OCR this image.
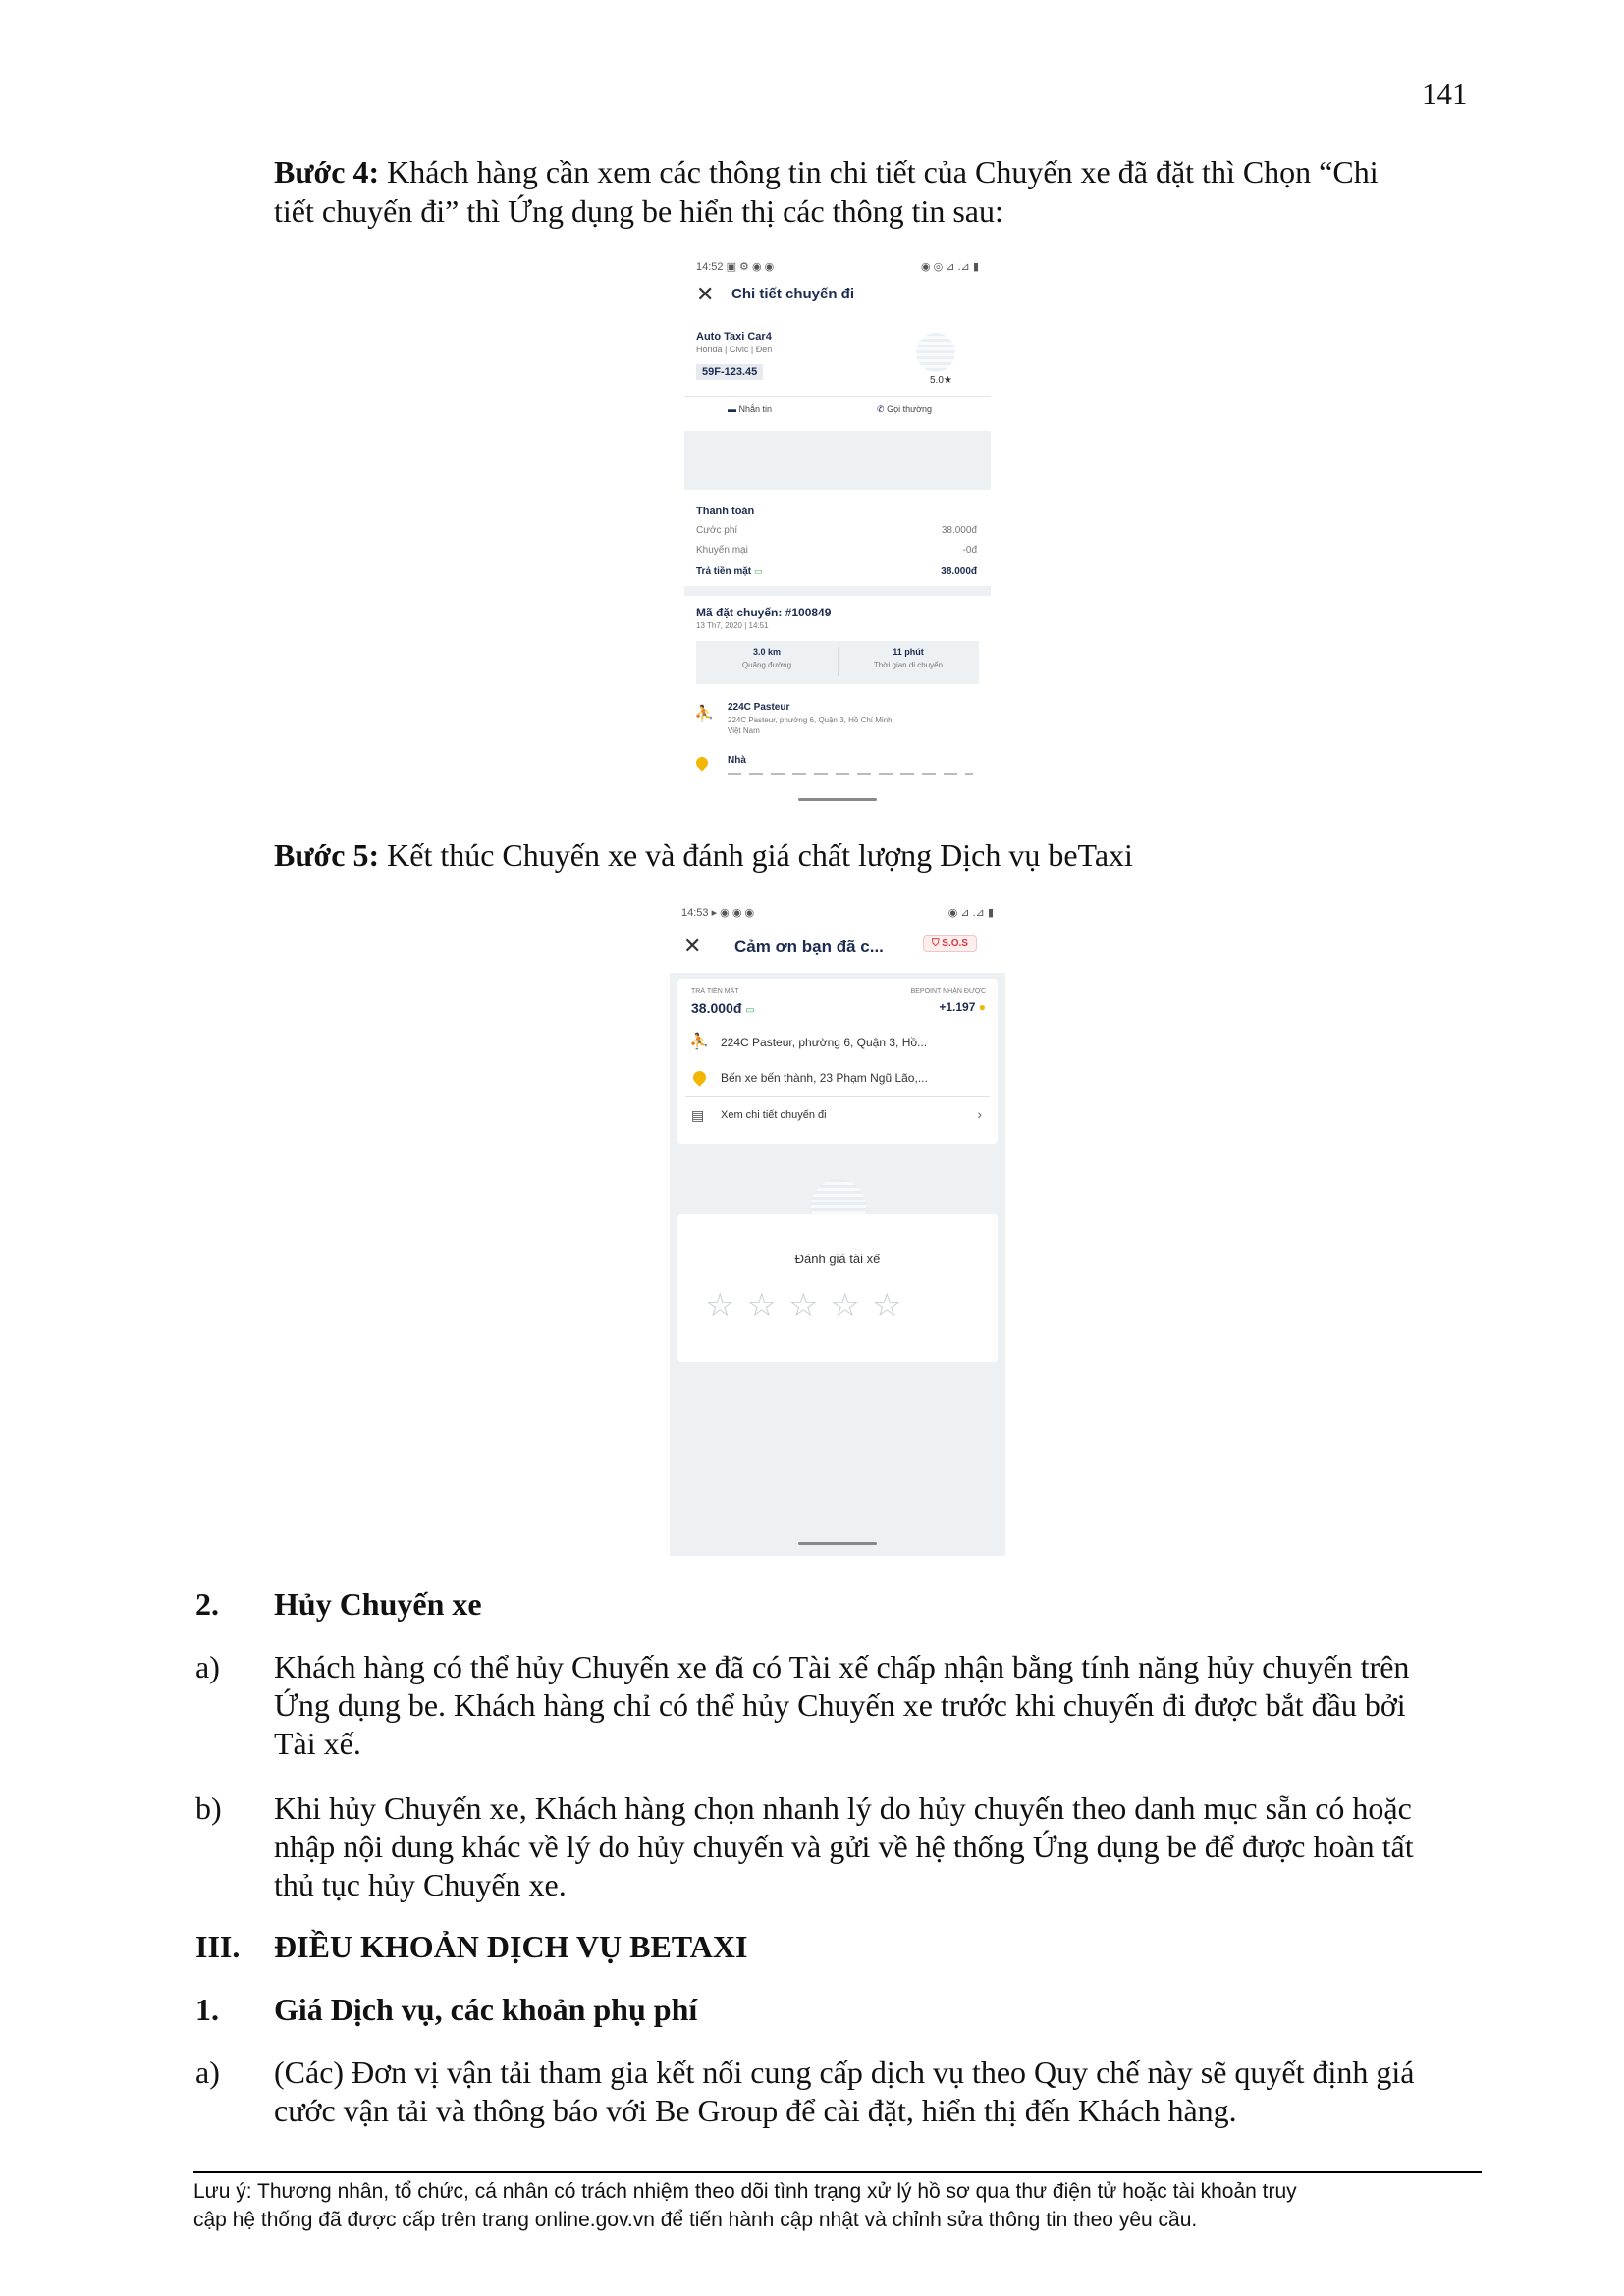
141
Bước 4: Khách hàng cần xem các thông tin chi tiết của Chuyến xe đã đặt thì Chọn “Chi
tiết chuyến đi” thì Ứng dụng be hiển thị các thông tin sau:
14:52 ▣ ⚙ ◉ ◉	◉ ◎ ⊿ .⊿ ▮
✕ Chi tiết chuyến đi
Auto Taxi Car4
Honda | Civic | Đen
59F-123.45
5.0★
▬ Nhắn tin	✆ Gọi thường
Thanh toán
Cước phí	38.000đ
Khuyến mại	-0đ
Trả tiền mặt ▭	38.000đ
Mã đặt chuyến: #100849
13 Th7, 2020 | 14:51
3.0 km
Quãng đường
11 phút
Thời gian di chuyển
⛹ 224C Pasteur
224C Pasteur, phường 6, Quận 3, Hồ Chí Minh,
Việt Nam
Nhà
Bước 5: Kết thúc Chuyến xe và đánh giá chất lượng Dịch vụ beTaxi
14:53 ▸ ◉ ◉ ◉	◉ ⊿ .⊿ ▮
✕ Cảm ơn bạn đã c...	⛉ S.O.S
TRẢ TIỀN MẶT
38.000đ ▭
BEPOINT NHẬN ĐƯỢC
+1.197 ●
⛹ 224C Pasteur, phường 6, Quận 3, Hồ...
Bến xe bến thành, 23 Phạm Ngũ Lão,...
▤ Xem chi tiết chuyến đi	›
Đánh giá tài xế
☆☆☆☆☆
2. Hủy Chuyến xe
a) Khách hàng có thể hủy Chuyến xe đã có Tài xế chấp nhận bằng tính năng hủy chuyến trên
Ứng dụng be. Khách hàng chỉ có thể hủy Chuyến xe trước khi chuyến đi được bắt đầu bởi
Tài xế.
b) Khi hủy Chuyến xe, Khách hàng chọn nhanh lý do hủy chuyến theo danh mục sẵn có hoặc
nhập nội dung khác về lý do hủy chuyến và gửi về hệ thống Ứng dụng be để được hoàn tất
thủ tục hủy Chuyến xe.
III. ĐIỀU KHOẢN DỊCH VỤ BETAXI
1. Giá Dịch vụ, các khoản phụ phí
a) (Các) Đơn vị vận tải tham gia kết nối cung cấp dịch vụ theo Quy chế này sẽ quyết định giá
cước vận tải và thông báo với Be Group để cài đặt, hiển thị đến Khách hàng.
Lưu ý: Thương nhân, tổ chức, cá nhân có trách nhiệm theo dõi tình trạng xử lý hồ sơ qua thư điện tử hoặc tài khoản truy
cập hệ thống đã được cấp trên trang online.gov.vn để tiến hành cập nhật và chỉnh sửa thông tin theo yêu cầu.
